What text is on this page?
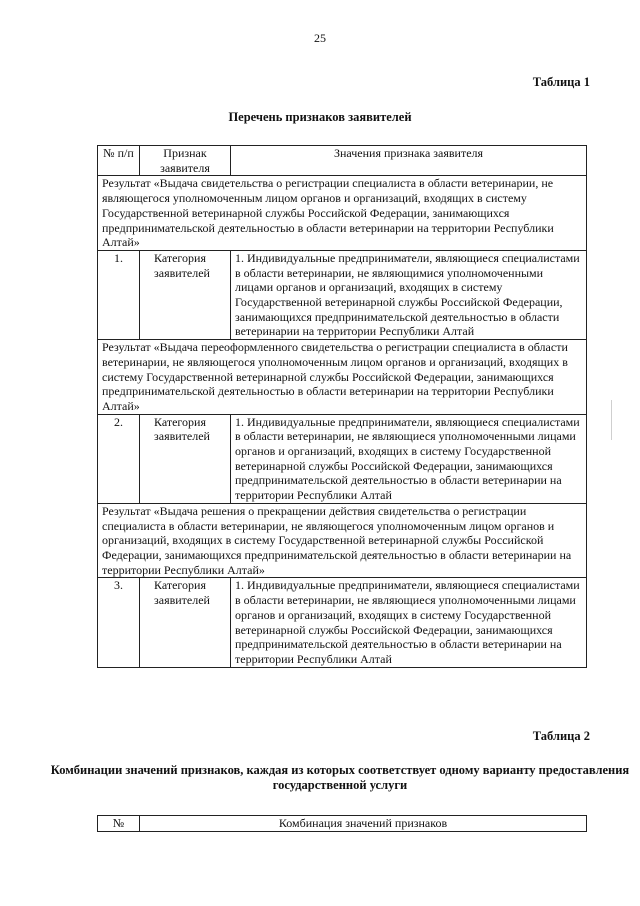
25
Таблица 1
Перечень признаков заявителей
№ п/п	Признак заявителя	Значения признака заявителя
Результат «Выдача свидетельства о регистрации специалиста в области ветеринарии, не являющегося уполномоченным лицом органов и организаций, входящих в систему Государственной ветеринарной службы Российской Федерации, занимающихся предпринимательской деятельностью в области ветеринарии на территории Республики Алтай»		
1.	Категория заявителей	1. Индивидуальные предприниматели, являющиеся специалистами в области ветеринарии, не являющимися уполномоченными лицами органов и организаций, входящих в систему Государственной ветеринарной службы Российской Федерации, занимающихся предпринимательской деятельностью в области ветеринарии на территории Республики Алтай
Результат «Выдача переоформленного свидетельства о регистрации специалиста в области ветеринарии, не являющегося уполномоченным лицом органов и организаций, входящих в систему Государственной ветеринарной службы Российской Федерации, занимающихся предпринимательской деятельностью в области ветеринарии на территории Республики Алтай»		
2.	Категория заявителей	1. Индивидуальные предприниматели, являющиеся специалистами в области ветеринарии, не являющиеся уполномоченными лицами органов и организаций, входящих в систему Государственной ветеринарной службы Российской Федерации, занимающихся предпринимательской деятельностью в области ветеринарии на территории Республики Алтай
Результат «Выдача решения о прекращении действия свидетельства о регистрации специалиста в области ветеринарии, не являющегося уполномоченным лицом органов и организаций, входящих в систему Государственной ветеринарной службы Российской Федерации, занимающихся предпринимательской деятельностью в области ветеринарии на территории Республики Алтай»		
3.	Категория заявителей	1. Индивидуальные предприниматели, являющиеся специалистами в области ветеринарии, не являющиеся уполномоченными лицами органов и организаций, входящих в систему Государственной ветеринарной службы Российской Федерации, занимающихся предпринимательской деятельностью в области ветеринарии на территории Республики Алтай
Таблица 2
Комбинации значений признаков, каждая из которых соответствует одному варианту предоставления государственной услуги
№	Комбинация значений признаков
